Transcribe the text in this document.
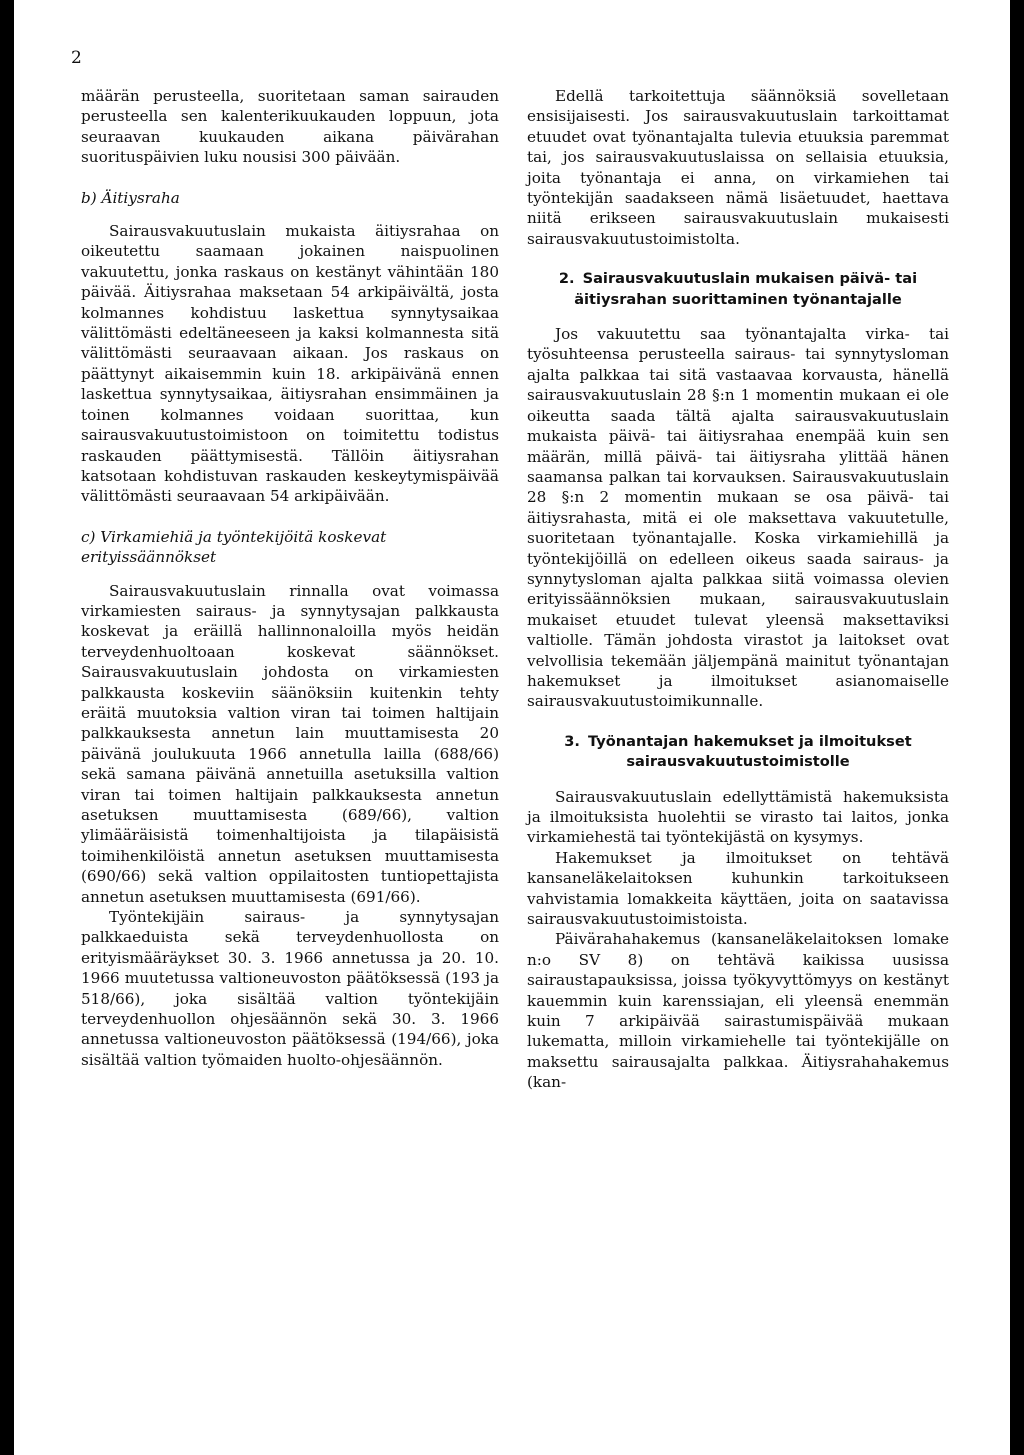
2

määrän perusteella, suoritetaan saman sairauden perusteella sen kalenterikuukauden loppuun, jota seuraavan kuukauden aikana päivärahan suorituspäivien luku nousisi 300 päivään.

b) Äitiysraha

Sairausvakuutuslain mukaista äitiysrahaa on oikeutettu saamaan jokainen naispuolinen vakuutettu, jonka raskaus on kestänyt vähintään 180 päivää. Äitiysrahaa maksetaan 54 arkipäivältä, josta kolmannes kohdistuu laskettua synnytysaikaa välittömästi edeltäneeseen ja kaksi kolmannesta sitä välittömästi seuraavaan aikaan. Jos raskaus on päättynyt aikaisemmin kuin 18. arkipäivänä ennen laskettua synnytysaikaa, äitiysrahan ensimmäinen ja toinen kolmannes voidaan suorittaa, kun sairausvakuutustoimistoon on toimitettu todistus raskauden päättymisestä. Tällöin äitiysrahan katsotaan kohdistuvan raskauden keskeytymispäivää välittömästi seuraavaan 54 arkipäivään.

c) Virkamiehiä ja työntekijöitä koskevat erityissäännökset

Sairausvakuutuslain rinnalla ovat voimassa virkamiesten sairaus- ja synnytysajan palkkausta koskevat ja eräillä hallinnonaloilla myös heidän terveydenhuoltoaan koskevat säännökset. Sairausvakuutuslain johdosta on virkamiesten palkkausta koskeviin säänöksiin kuitenkin tehty eräitä muutoksia valtion viran tai toimen haltijain palkkauksesta annetun lain muuttamisesta 20 päivänä joulukuuta 1966 annetulla lailla (688/66) sekä samana päivänä annetuilla asetuksilla valtion viran tai toimen haltijain palkkauksesta annetun asetuksen muuttamisesta (689/66), valtion ylimääräisistä toimenhaltijoista ja tilapäisistä toimihenkilöistä annetun asetuksen muuttamisesta (690/66) sekä valtion oppilaitosten tuntiopettajista annetun asetuksen muuttamisesta (691/66).

Työntekijäin sairaus- ja synnytysajan palkkaeduista sekä terveydenhuollosta on erityismääräykset 30. 3. 1966 annetussa ja 20. 10. 1966 muutetussa valtioneuvoston päätöksessä (193 ja 518/66), joka sisältää valtion työntekijäin terveydenhuollon ohjesäännön sekä 30. 3. 1966 annetussa valtioneuvoston päätöksessä (194/66), joka sisältää valtion työmaiden huolto-ohjesäännön.

Edellä tarkoitettuja säännöksiä sovelletaan ensisijaisesti. Jos sairausvakuutuslain tarkoittamat etuudet ovat työnantajalta tulevia etuuksia paremmat tai, jos sairausvakuutuslaissa on sellaisia etuuksia, joita työnantaja ei anna, on virkamiehen tai työntekijän saadakseen nämä lisäetuudet, haettava niitä erikseen sairausvakuutuslain mukaisesti sairausvakuutustoimistolta.

2. Sairausvakuutuslain mukaisen päivä- tai äitiysrahan suorittaminen työnantajalle

Jos vakuutettu saa työnantajalta virka- tai työsuhteensa perusteella sairaus- tai synnytysloman ajalta palkkaa tai sitä vastaavaa korvausta, hänellä sairausvakuutuslain 28 §:n 1 momentin mukaan ei ole oikeutta saada tältä ajalta sairausvakuutuslain mukaista päivä- tai äitiysrahaa enempää kuin sen määrän, millä päivä- tai äitiysraha ylittää hänen saamansa palkan tai korvauksen. Sairausvakuutuslain 28 §:n 2 momentin mukaan se osa päivä- tai äitiysrahasta, mitä ei ole maksettava vakuutetulle, suoritetaan työnantajalle. Koska virkamiehillä ja työntekijöillä on edelleen oikeus saada sairaus- ja synnytysloman ajalta palkkaa siitä voimassa olevien erityissäännöksien mukaan, sairausvakuutuslain mukaiset etuudet tulevat yleensä maksettaviksi valtiolle. Tämän johdosta virastot ja laitokset ovat velvollisia tekemään jäljempänä mainitut työnantajan hakemukset ja ilmoitukset asianomaiselle sairausvakuutustoimikunnalle.

3. Työnantajan hakemukset ja ilmoitukset sairausvakuutustoimistolle

Sairausvakuutuslain edellyttämistä hakemuksista ja ilmoituksista huolehtii se virasto tai laitos, jonka virkamiehestä tai työntekijästä on kysymys.

Hakemukset ja ilmoitukset on tehtävä kansaneläkelaitoksen kuhunkin tarkoitukseen vahvistamia lomakkeita käyttäen, joita on saatavissa sairausvakuutustoimistoista.

Päivärahahakemus (kansaneläkelaitoksen lomake n:o SV 8) on tehtävä kaikissa uusissa sairaustapauksissa, joissa työkyvyttömyys on kestänyt kauemmin kuin karenssiajan, eli yleensä enemmän kuin 7 arkipäivää sairastumispäivää mukaan lukematta, milloin virkamiehelle tai työntekijälle on maksettu sairausajalta palkkaa. Äitiysrahahakemus (kan-
